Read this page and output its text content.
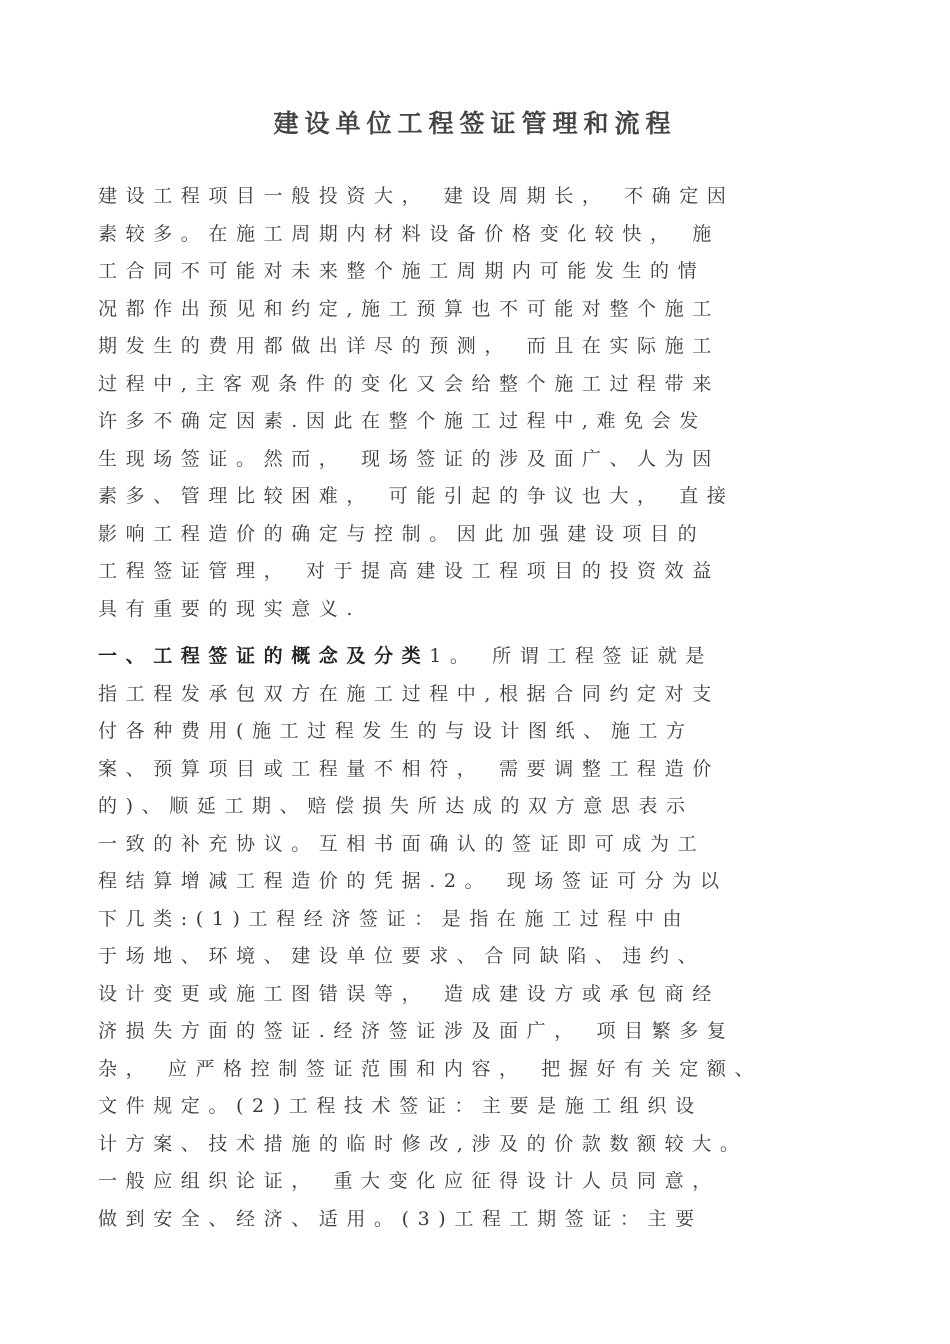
建设单位工程签证管理和流程
建设工程项目一般投资大， 建设周期长， 不确定因
素较多。在施工周期内材料设备价格变化较快， 施
工合同不可能对未来整个施工周期内可能发生的情
况都作出预见和约定,施工预算也不可能对整个施工
期发生的费用都做出详尽的预测， 而且在实际施工
过程中,主客观条件的变化又会给整个施工过程带来
许多不确定因素.因此在整个施工过程中,难免会发
生现场签证。然而， 现场签证的涉及面广、人为因
素多、管理比较困难， 可能引起的争议也大， 直接
影响工程造价的确定与控制。因此加强建设项目的
工程签证管理， 对于提高建设工程项目的投资效益
具有重要的现实意义.
一、工程签证的概念及分类1。 所谓工程签证就是
指工程发承包双方在施工过程中,根据合同约定对支
付各种费用(施工过程发生的与设计图纸、施工方
案、预算项目或工程量不相符， 需要调整工程造价
的)、顺延工期、赔偿损失所达成的双方意思表示
一致的补充协议。互相书面确认的签证即可成为工
程结算增减工程造价的凭据.2。 现场签证可分为以
下几类:(1)工程经济签证：是指在施工过程中由
于场地、环境、建设单位要求、合同缺陷、违约、
设计变更或施工图错误等， 造成建设方或承包商经
济损失方面的签证.经济签证涉及面广， 项目繁多复
杂， 应严格控制签证范围和内容， 把握好有关定额、
文件规定。(2)工程技术签证：主要是施工组织设
计方案、技术措施的临时修改,涉及的价款数额较大。
一般应组织论证， 重大变化应征得设计人员同意，
做到安全、经济、适用。(3)工程工期签证：主要
